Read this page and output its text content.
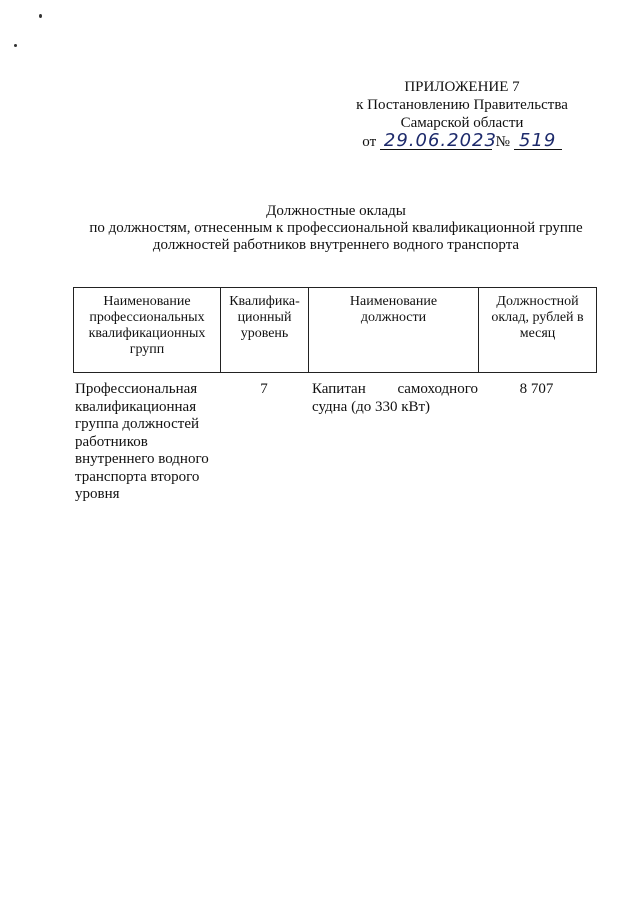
ПРИЛОЖЕНИЕ 7
к Постановлению Правительства
Самарской области
от 29.06.2023 № 519
Должностные оклады
по должностям, отнесенным к профессиональной квалификационной группе
должностей работников внутреннего водного транспорта
Наименование
профессиональных
квалификационных
групп
Квалифика-
ционный
уровень
Наименование
должности
Должностной
оклад, рублей в
месяц
Профессиональная
квалификационная
группа должностей
работников
внутреннего водного
транспорта второго
уровня
7	Капитан самоходного
судна (до 330 кВт)
8 707
